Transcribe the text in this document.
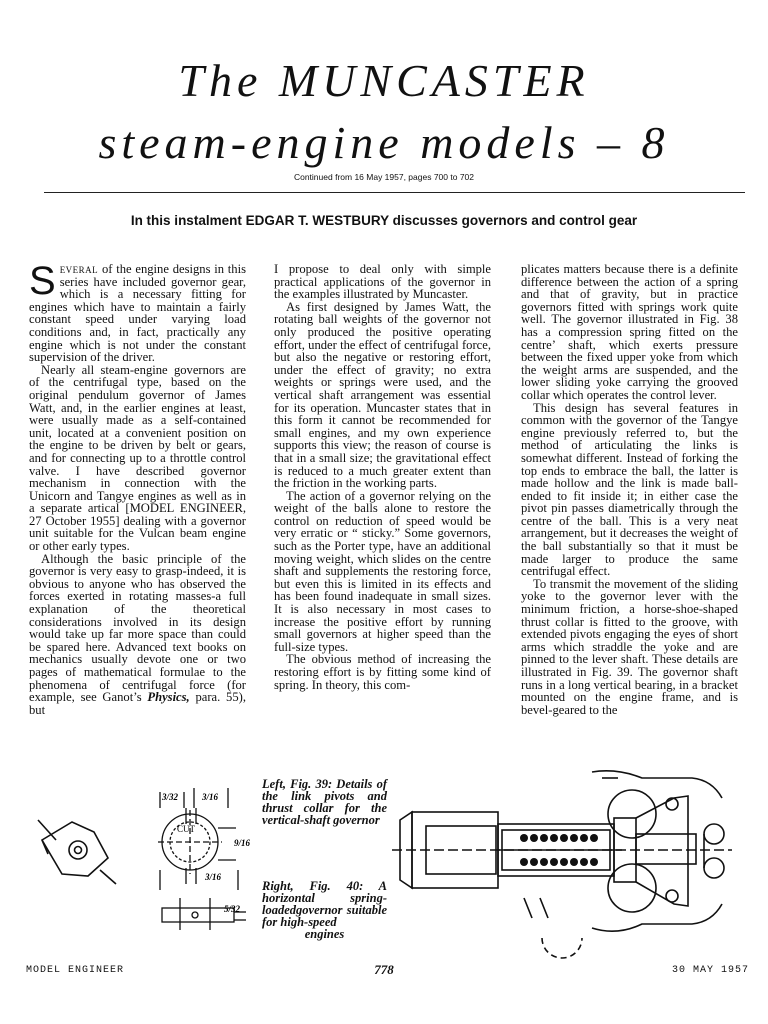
The MUNCASTER
steam-engine models – 8
Continued from 16 May 1957, pages 700 to 702
In this instalment EDGAR T. WESTBURY discusses governors and control gear

Several of the engine designs in this series have included governor gear, which is a necessary fitting for engines which have to maintain a fairly constant speed under varying load conditions and, in fact, practically any engine which is not under the constant supervision of the driver.

Nearly all steam-engine governors are of the centrifugal type, based on the original pendulum governor of James Watt, and, in the earlier engines at least, were usually made as a self-contained unit, located at a convenient position on the engine to be driven by belt or gears, and for connecting up to a throttle control valve. I have described governor mechanism in connection with the Unicorn and Tangye engines as well as in a separate artical [MODEL ENGINEER, 27 October 1955] dealing with a governor unit suitable for the Vulcan beam engine or other early types.

Although the basic principle of the governor is very easy to grasp-indeed, it is obvious to anyone who has observed the forces exerted in rotating masses-a full explanation of the theoretical considerations involved in its design would take up far more space than could be spared here. Advanced text books on mechanics usually devote one or two pages of mathematical formulae to the phenomena of centrifugal force (for example, see Ganot’s Physics, para. 55), but

I propose to deal only with simple practical applications of the governor in the examples illustrated by Muncaster.

As first designed by James Watt, the rotating ball weights of the governor not only produced the positive operating effort, under the effect of centrifugal force, but also the negative or restoring effort, under the effect of gravity; no extra weights or springs were used, and the vertical shaft arrangement was essential for its operation. Muncaster states that in this form it cannot be recommended for small engines, and my own experience supports this view; the reason of course is that in a small size; the gravitational effect is reduced to a much greater extent than the friction in the working parts.

The action of a governor relying on the weight of the balls alone to restore the control on reduction of speed would be very erratic or “ sticky.” Some governors, such as the Porter type, have an additional moving weight, which slides on the centre shaft and supplements the restoring force, but even this is limited in its effects and has been found inadequate in small sizes. It is also necessary in most cases to increase the positive effort by running small governors at higher speed than the full-size types.

The obvious method of increasing the restoring effort is by fitting some kind of spring. In theory, this com-

plicates matters because there is a definite difference between the action of a spring and that of gravity, but in practice governors fitted with springs work quite well. The governor illustrated in Fig. 38 has a compression spring fitted on the centre’ shaft, which exerts pressure between the fixed upper yoke from which the weight arms are suspended, and the lower sliding yoke carrying the grooved collar which operates the control lever.

This design has several features in common with the governor of the Tangye engine previously referred to, but the method of articulating the links is somewhat different. Instead of forking the top ends to embrace the ball, the latter is made hollow and the link is made ball-ended to fit inside it; in either case the pivot pin passes diametrically through the centre of the ball. This is a very neat arrangement, but it decreases the weight of the ball substantially so that it must be made larger to produce the same centrifugal effect.

To transmit the movement of the sliding yoke to the governor lever with the minimum friction, a horse-shoe-shaped thrust collar is fitted to the groove, with extended pivots engaging the eyes of short arms which straddle the yoke and are pinned to the lever shaft. These details are illustrated in Fig. 39. The governor shaft runs in a long vertical bearing, in a bracket mounted on the engine frame, and is bevel-geared to the

3/32	3/16
CUT
9/16
3/16
5/32
Left, Fig. 39: Details of the link pivots and thrust collar for the vertical-shaft governor
Right, Fig. 40: A horizontal spring-loadedgovernor suitable for high-speed
engines
MODEL ENGINEER	778	30 MAY 1957
